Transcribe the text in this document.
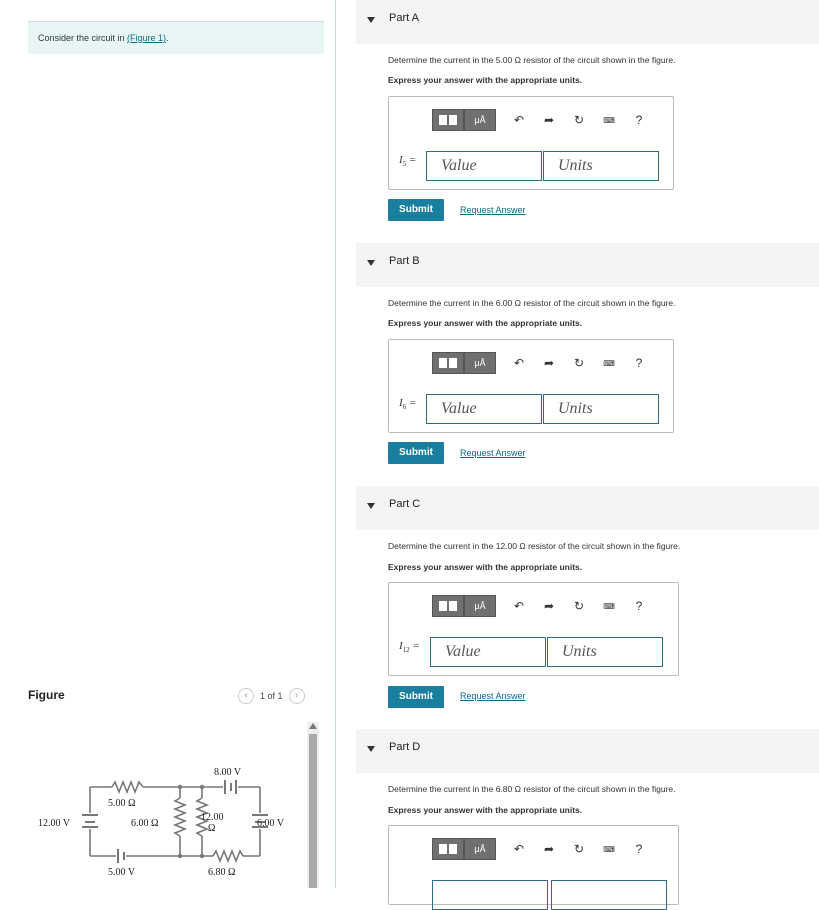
Consider the circuit in (Figure 1).
Figure	‹	1 of 1	›
12.00 V
5.00 Ω
6.00 Ω
8.00 V
12.00
Ω	6.00 V
5.00 V	6.80 Ω
Part A
Determine the current in the 5.00 Ω resistor of the circuit shown in the figure.
Express your answer with the appropriate units.
μÅ	↶	➦	↻	⌨	?
$I_5$ =	Value	Units
Submit	Request Answer
Part B
Determine the current in the 6.00 Ω resistor of the circuit shown in the figure.
Express your answer with the appropriate units.
μÅ	↶	➦	↻	⌨	?
$I_6$ =	Value	Units
Submit	Request Answer
Part C
Determine the current in the 12.00 Ω resistor of the circuit shown in the figure.
Express your answer with the appropriate units.
μÅ	↶	➦	↻	⌨	?
$I_{12}$ =	Value	Units
Submit	Request Answer
Part D
Determine the current in the 6.80 Ω resistor of the circuit shown in the figure.
Express your answer with the appropriate units.
μÅ	↶	➦	↻	⌨	?
